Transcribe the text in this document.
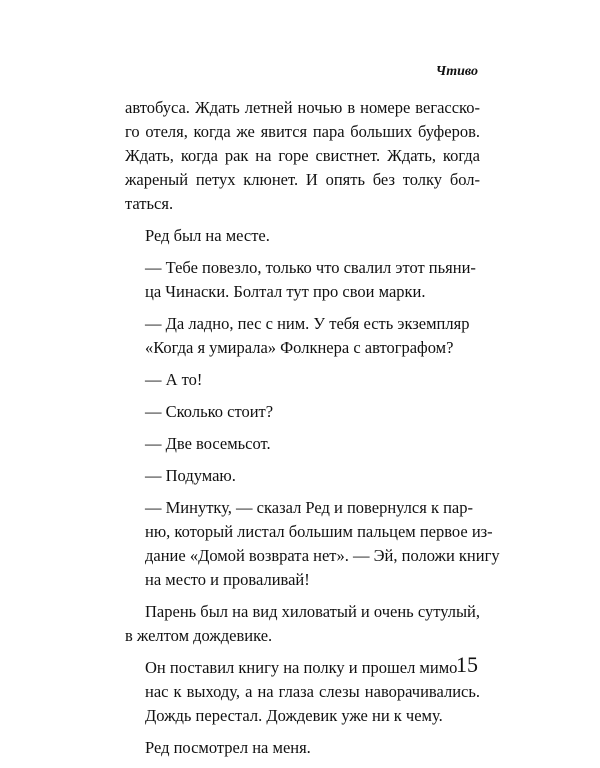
Чтиво

автобуса. Ждать летней ночью в номере вегасско-
го отеля, когда же явится пара больших буферов.
Ждать, когда рак на горе свистнет. Ждать, когда
жареный петух клюнет. И опять без толку бол-
таться.

Ред был на месте.

— Тебе повезло, только что свалил этот пьяни-

ца Чинаски. Болтал тут про свои марки.

— Да ладно, пес с ним. У тебя есть экземпляр

«Когда я умирала» Фолкнера с автографом?

— А то!

— Сколько стоит?

— Две восемьсот.

— Подумаю.

— Минутку, — сказал Ред и повернулся к пар-

ню, который листал большим пальцем первое из-
дание «Домой возврата нет». — Эй, положи книгу
на место и проваливай!

Парень был на вид хиловатый и очень сутулый, в желтом дождевике.

Он поставил книгу на полку и прошел мимо

нас к выходу, а на глаза слезы наворачивались.
Дождь перестал. Дождевик уже ни к чему.

Ред посмотрел на меня.

15
